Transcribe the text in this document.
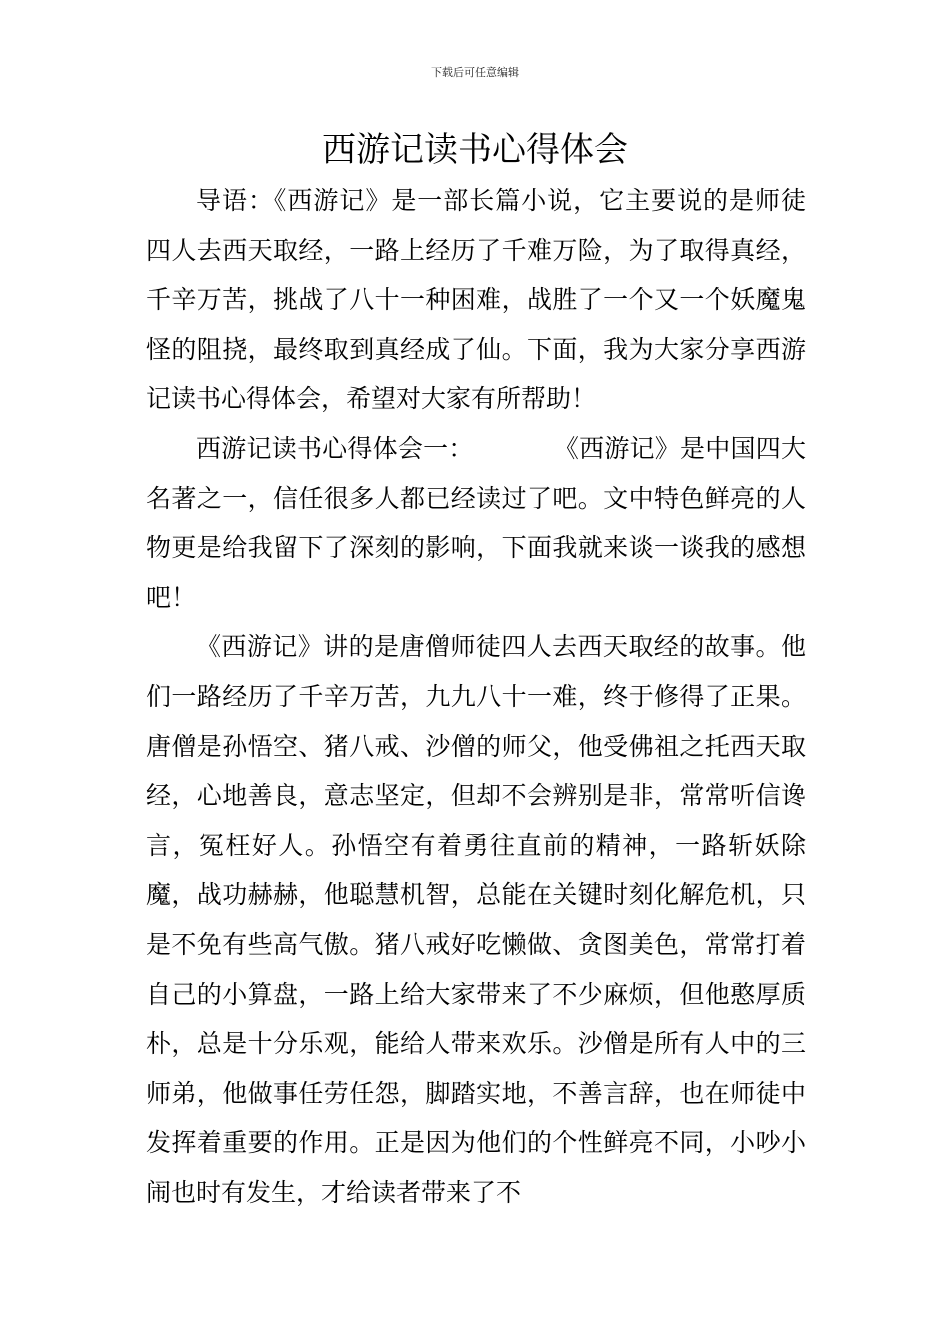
下载后可任意编辑
西游记读书心得体会

导语：《西游记》是一部长篇小说，它主要说的是师徒四人去西天取经，一路上经历了千难万险，为了取得真经，千辛万苦，挑战了八十一种困难，战胜了一个又一个妖魔鬼怪的阻挠，最终取到真经成了仙。下面，我为大家分享西游记读书心得体会，希望对大家有所帮助！

西游记读书心得体会一：	《西游记》是中国四大名著之一，信任很多人都已经读过了吧。文中特色鲜亮的人物更是给我留下了深刻的影响，下面我就来谈一谈我的感想吧！

《西游记》讲的是唐僧师徒四人去西天取经的故事。他们一路经历了千辛万苦，九九八十一难，终于修得了正果。唐僧是孙悟空、猪八戒、沙僧的师父，他受佛祖之托西天取经，心地善良，意志坚定，但却不会辨别是非，常常听信谗言，冤枉好人。孙悟空有着勇往直前的精神，一路斩妖除魔，战功赫赫，他聪慧机智，总能在关键时刻化解危机，只是不免有些高气傲。猪八戒好吃懒做、贪图美色，常常打着自己的小算盘，一路上给大家带来了不少麻烦，但他憨厚质朴，总是十分乐观，能给人带来欢乐。沙僧是所有人中的三师弟，他做事任劳任怨，脚踏实地，不善言辞，也在师徒中发挥着重要的作用。正是因为他们的个性鲜亮不同，小吵小闹也时有发生，才给读者带来了不
